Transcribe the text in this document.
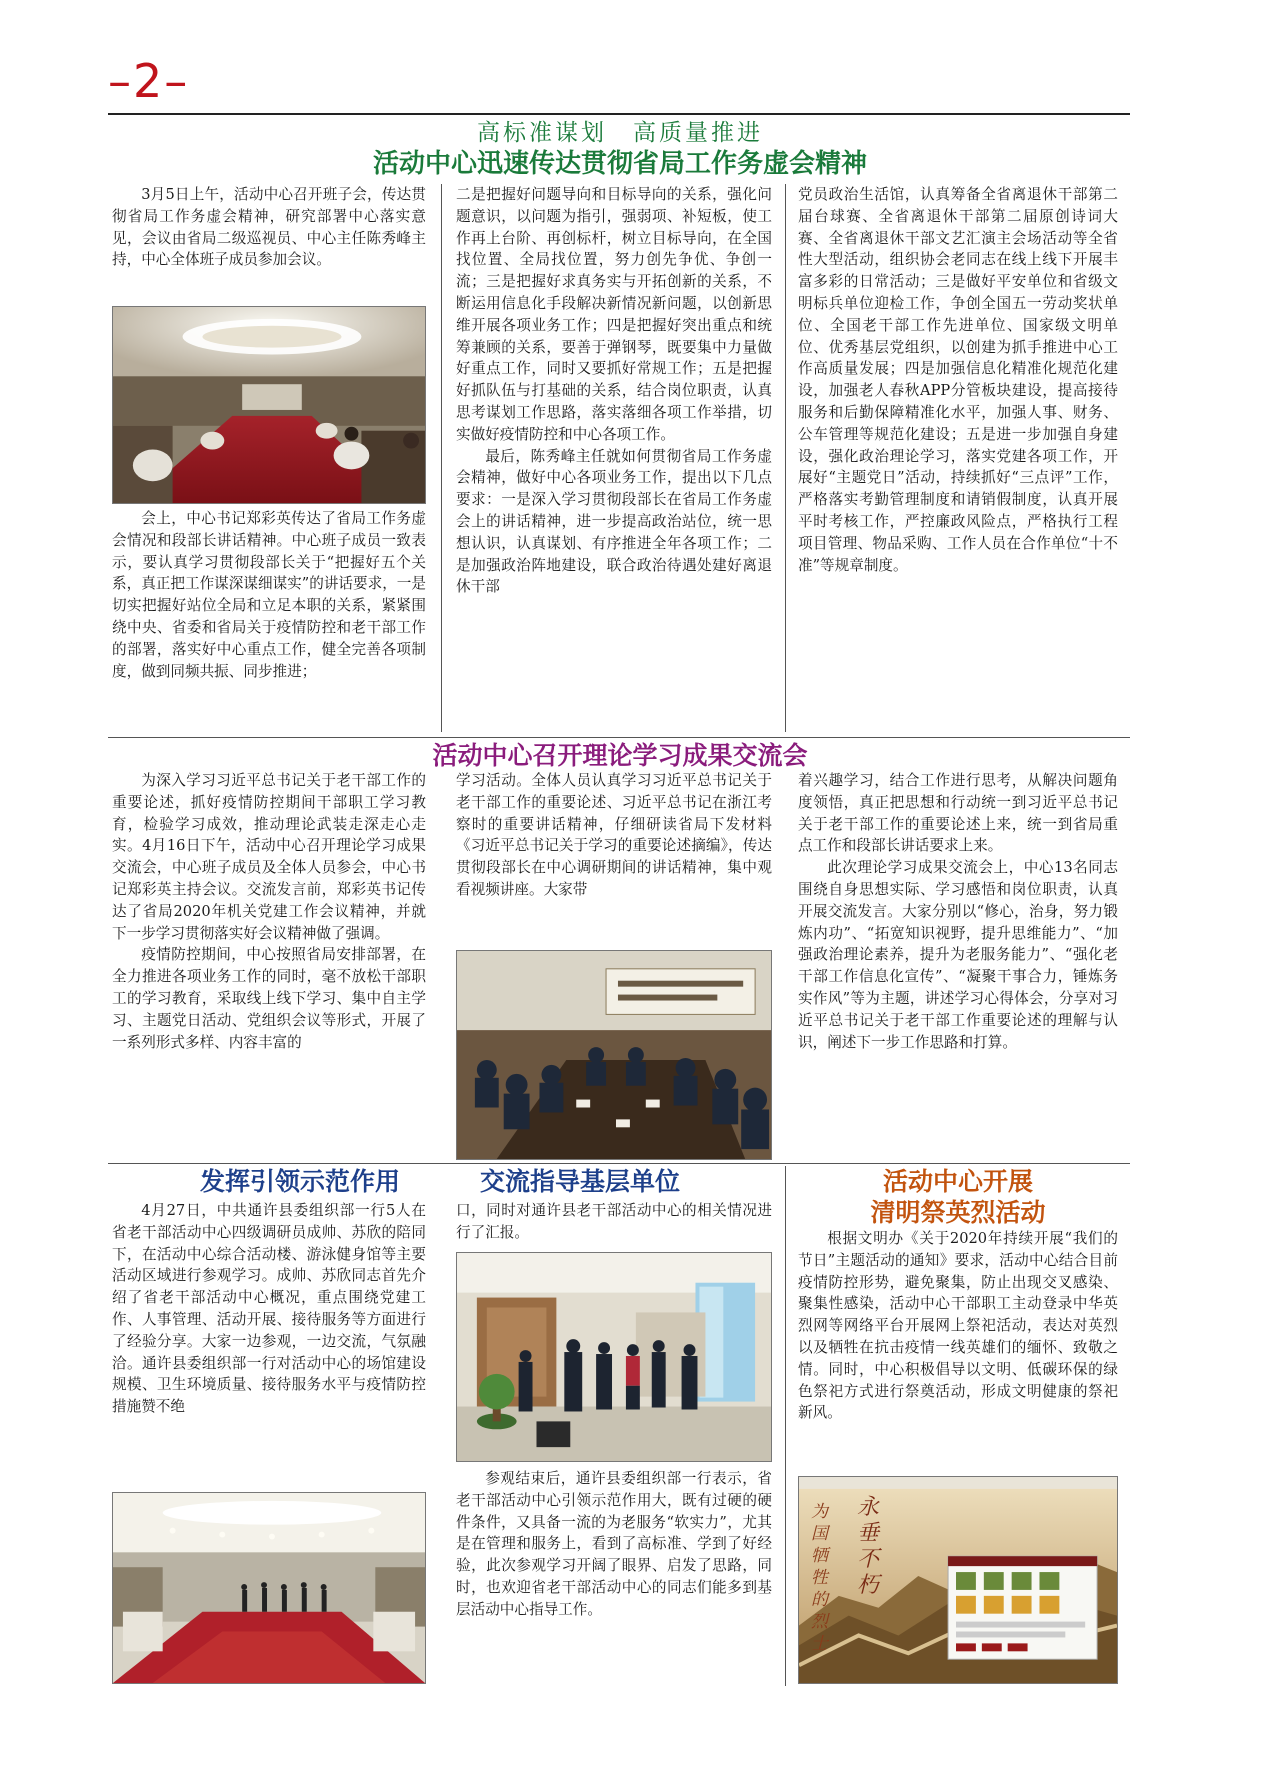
–2–
高标准谋划　高质量推进
活动中心迅速传达贯彻省局工作务虚会精神

3月5日上午，活动中心召开班子会，传达贯彻省局工作务虚会精神，研究部署中心落实意见，会议由省局二级巡视员、中心主任陈秀峰主持，中心全体班子成员参加会议。

会上，中心书记郑彩英传达了省局工作务虚会情况和段部长讲话精神。中心班子成员一致表示，要认真学习贯彻段部长关于“把握好五个关系，真正把工作谋深谋细谋实”的讲话要求，一是切实把握好站位全局和立足本职的关系，紧紧围绕中央、省委和省局关于疫情防控和老干部工作的部署，落实好中心重点工作，健全完善各项制度，做到同频共振、同步推进；

二是把握好问题导向和目标导向的关系，强化问题意识，以问题为指引，强弱项、补短板，使工作再上台阶、再创标杆，树立目标导向，在全国找位置、全局找位置，努力创先争优、争创一流；三是把握好求真务实与开拓创新的关系，不断运用信息化手段解决新情况新问题，以创新思维开展各项业务工作；四是把握好突出重点和统筹兼顾的关系，要善于弹钢琴，既要集中力量做好重点工作，同时又要抓好常规工作；五是把握好抓队伍与打基础的关系，结合岗位职责，认真思考谋划工作思路，落实落细各项工作举措，切实做好疫情防控和中心各项工作。

最后，陈秀峰主任就如何贯彻省局工作务虚会精神，做好中心各项业务工作，提出以下几点要求：一是深入学习贯彻段部长在省局工作务虚会上的讲话精神，进一步提高政治站位，统一思想认识，认真谋划、有序推进全年各项工作；二是加强政治阵地建设，联合政治待遇处建好离退休干部

党员政治生活馆，认真筹备全省离退休干部第二届台球赛、全省离退休干部第二届原创诗词大赛、全省离退休干部文艺汇演主会场活动等全省性大型活动，组织协会老同志在线上线下开展丰富多彩的日常活动；三是做好平安单位和省级文明标兵单位迎检工作，争创全国五一劳动奖状单位、全国老干部工作先进单位、国家级文明单位、优秀基层党组织，以创建为抓手推进中心工作高质量发展；四是加强信息化精准化规范化建设，加强老人春秋APP分管板块建设，提高接待服务和后勤保障精准化水平，加强人事、财务、公车管理等规范化建设；五是进一步加强自身建设，强化政治理论学习，落实党建各项工作，开展好“主题党日”活动，持续抓好“三点评”工作，严格落实考勤管理制度和请销假制度，认真开展平时考核工作，严控廉政风险点，严格执行工程项目管理、物品采购、工作人员在合作单位“十不准”等规章制度。

活动中心召开理论学习成果交流会

为深入学习习近平总书记关于老干部工作的重要论述，抓好疫情防控期间干部职工学习教育，检验学习成效，推动理论武装走深走心走实。4月16日下午，活动中心召开理论学习成果交流会，中心班子成员及全体人员参会，中心书记郑彩英主持会议。交流发言前，郑彩英书记传达了省局2020年机关党建工作会议精神，并就下一步学习贯彻落实好会议精神做了强调。

疫情防控期间，中心按照省局安排部署，在全力推进各项业务工作的同时，毫不放松干部职工的学习教育，采取线上线下学习、集中自主学习、主题党日活动、党组织会议等形式，开展了一系列形式多样、内容丰富的

学习活动。全体人员认真学习习近平总书记关于老干部工作的重要论述、习近平总书记在浙江考察时的重要讲话精神，仔细研读省局下发材料《习近平总书记关于学习的重要论述摘编》，传达贯彻段部长在中心调研期间的讲话精神，集中观看视频讲座。大家带

着兴趣学习，结合工作进行思考，从解决问题角度领悟，真正把思想和行动统一到习近平总书记关于老干部工作的重要论述上来，统一到省局重点工作和段部长讲话要求上来。

此次理论学习成果交流会上，中心13名同志围绕自身思想实际、学习感悟和岗位职责，认真开展交流发言。大家分别以“修心，治身，努力锻炼内功”、“拓宽知识视野，提升思维能力”、“加强政治理论素养，提升为老服务能力”、“强化老干部工作信息化宣传”、“凝聚干事合力，锤炼务实作风”等为主题，讲述学习心得体会，分享对习近平总书记关于老干部工作重要论述的理解与认识，阐述下一步工作思路和打算。

发挥引领示范作用	交流指导基层单位

4月27日，中共通许县委组织部一行5人在省老干部活动中心四级调研员成帅、苏欣的陪同下，在活动中心综合活动楼、游泳健身馆等主要活动区域进行参观学习。成帅、苏欣同志首先介绍了省老干部活动中心概况，重点围绕党建工作、人事管理、活动开展、接待服务等方面进行了经验分享。大家一边参观，一边交流，气氛融洽。通许县委组织部一行对活动中心的场馆建设规模、卫生环境质量、接待服务水平与疫情防控措施赞不绝

口，同时对通许县老干部活动中心的相关情况进行了汇报。

参观结束后，通许县委组织部一行表示，省老干部活动中心引领示范作用大，既有过硬的硬件条件，又具备一流的为老服务“软实力”，尤其是在管理和服务上，看到了高标准、学到了好经验，此次参观学习开阔了眼界、启发了思路，同时，也欢迎省老干部活动中心的同志们能多到基层活动中心指导工作。

活动中心开展
清明祭英烈活动

根据文明办《关于2020年持续开展“我们的节日”主题活动的通知》要求，活动中心结合目前疫情防控形势，避免聚集，防止出现交叉感染、聚集性感染，活动中心干部职工主动登录中华英烈网等网络平台开展网上祭祀活动，表达对英烈以及牺牲在抗击疫情一线英雄们的缅怀、致敬之情。同时，中心积极倡导以文明、低碳环保的绿色祭祀方式进行祭奠活动，形成文明健康的祭祀新风。

永垂不朽
为国牺牲的烈士
